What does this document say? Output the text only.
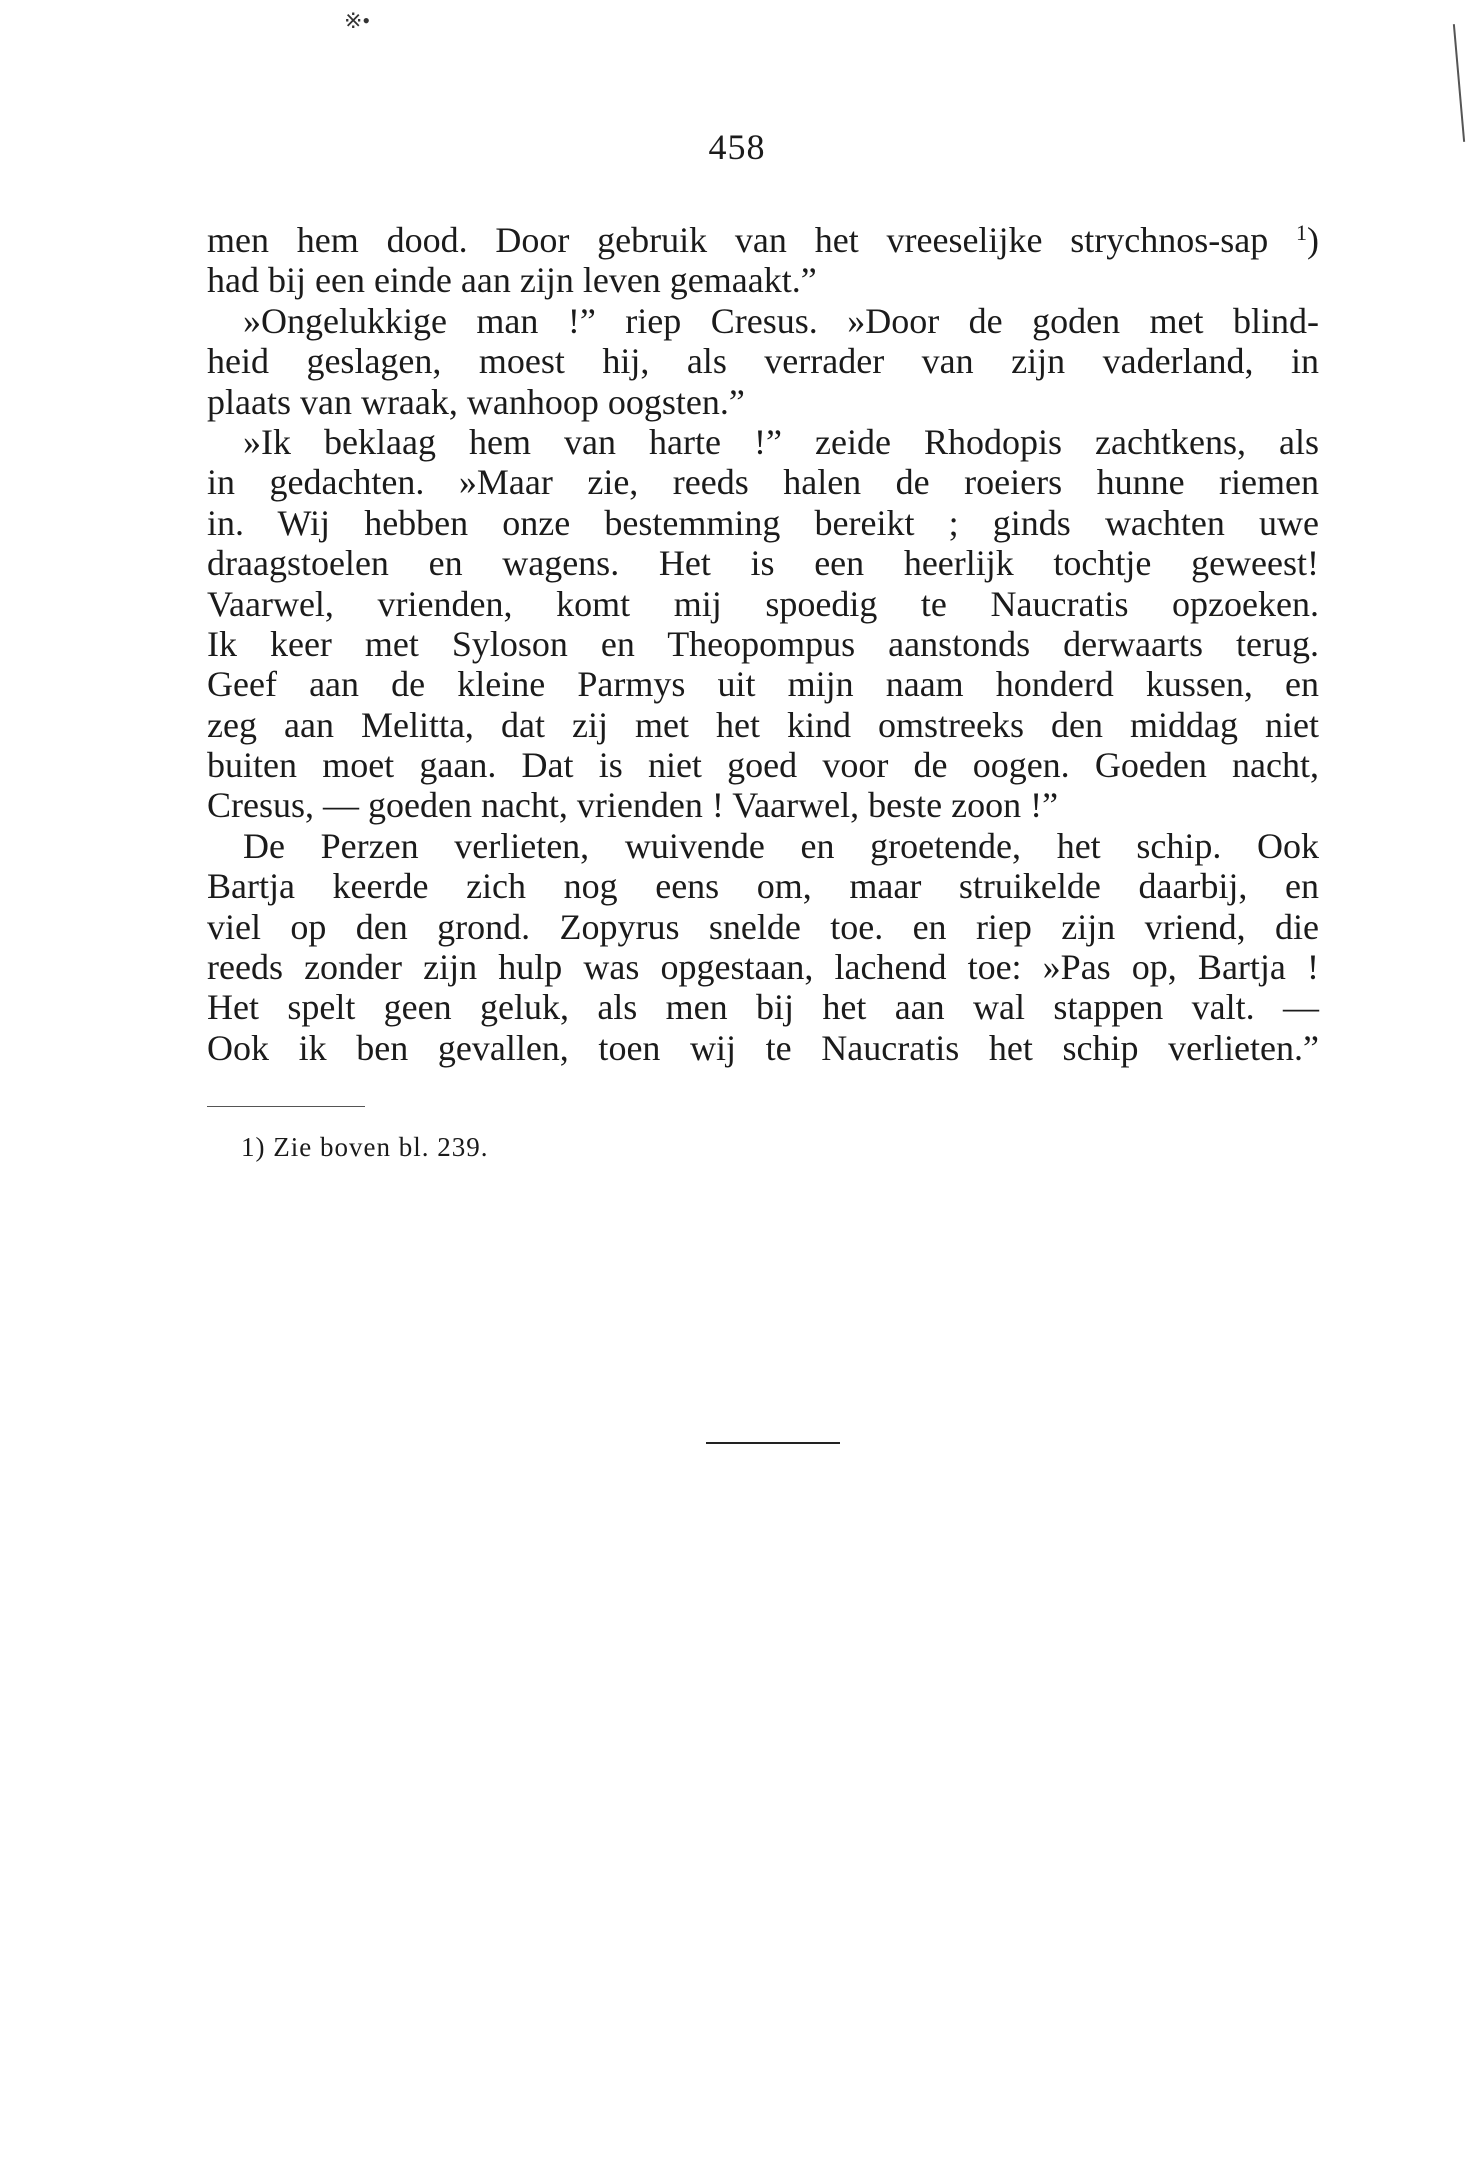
※•
458
men hem dood. Door gebruik van het vreeselijke strychnos-sap $^1$)
had bij een einde aan zijn leven gemaakt.”
»Ongelukkige man !” riep Cresus. »Door de goden met blind-
heid geslagen, moest hij, als verrader van zijn vaderland, in
plaats van wraak, wanhoop oogsten.”
»Ik beklaag hem van harte !” zeide Rhodopis zachtkens, als
in gedachten. »Maar zie, reeds halen de roeiers hunne riemen
in. Wij hebben onze bestemming bereikt ; ginds wachten uwe
draagstoelen en wagens. Het is een heerlijk tochtje geweest!
Vaarwel, vrienden, komt mij spoedig te Naucratis opzoeken.
Ik keer met Syloson en Theopompus aanstonds derwaarts terug.
Geef aan de kleine Parmys uit mijn naam honderd kussen, en
zeg aan Melitta, dat zij met het kind omstreeks den middag niet
buiten moet gaan. Dat is niet goed voor de oogen. Goeden nacht,
Cresus, — goeden nacht, vrienden ! Vaarwel, beste zoon !”
De Perzen verlieten, wuivende en groetende, het schip. Ook
Bartja keerde zich nog eens om, maar struikelde daarbij, en
viel op den grond. Zopyrus snelde toe. en riep zijn vriend, die
reeds zonder zijn hulp was opgestaan, lachend toe: »Pas op, Bartja !
Het spelt geen geluk, als men bij het aan wal stappen valt. —
Ook ik ben gevallen, toen wij te Naucratis het schip verlieten.”
1) Zie boven bl. 239.
